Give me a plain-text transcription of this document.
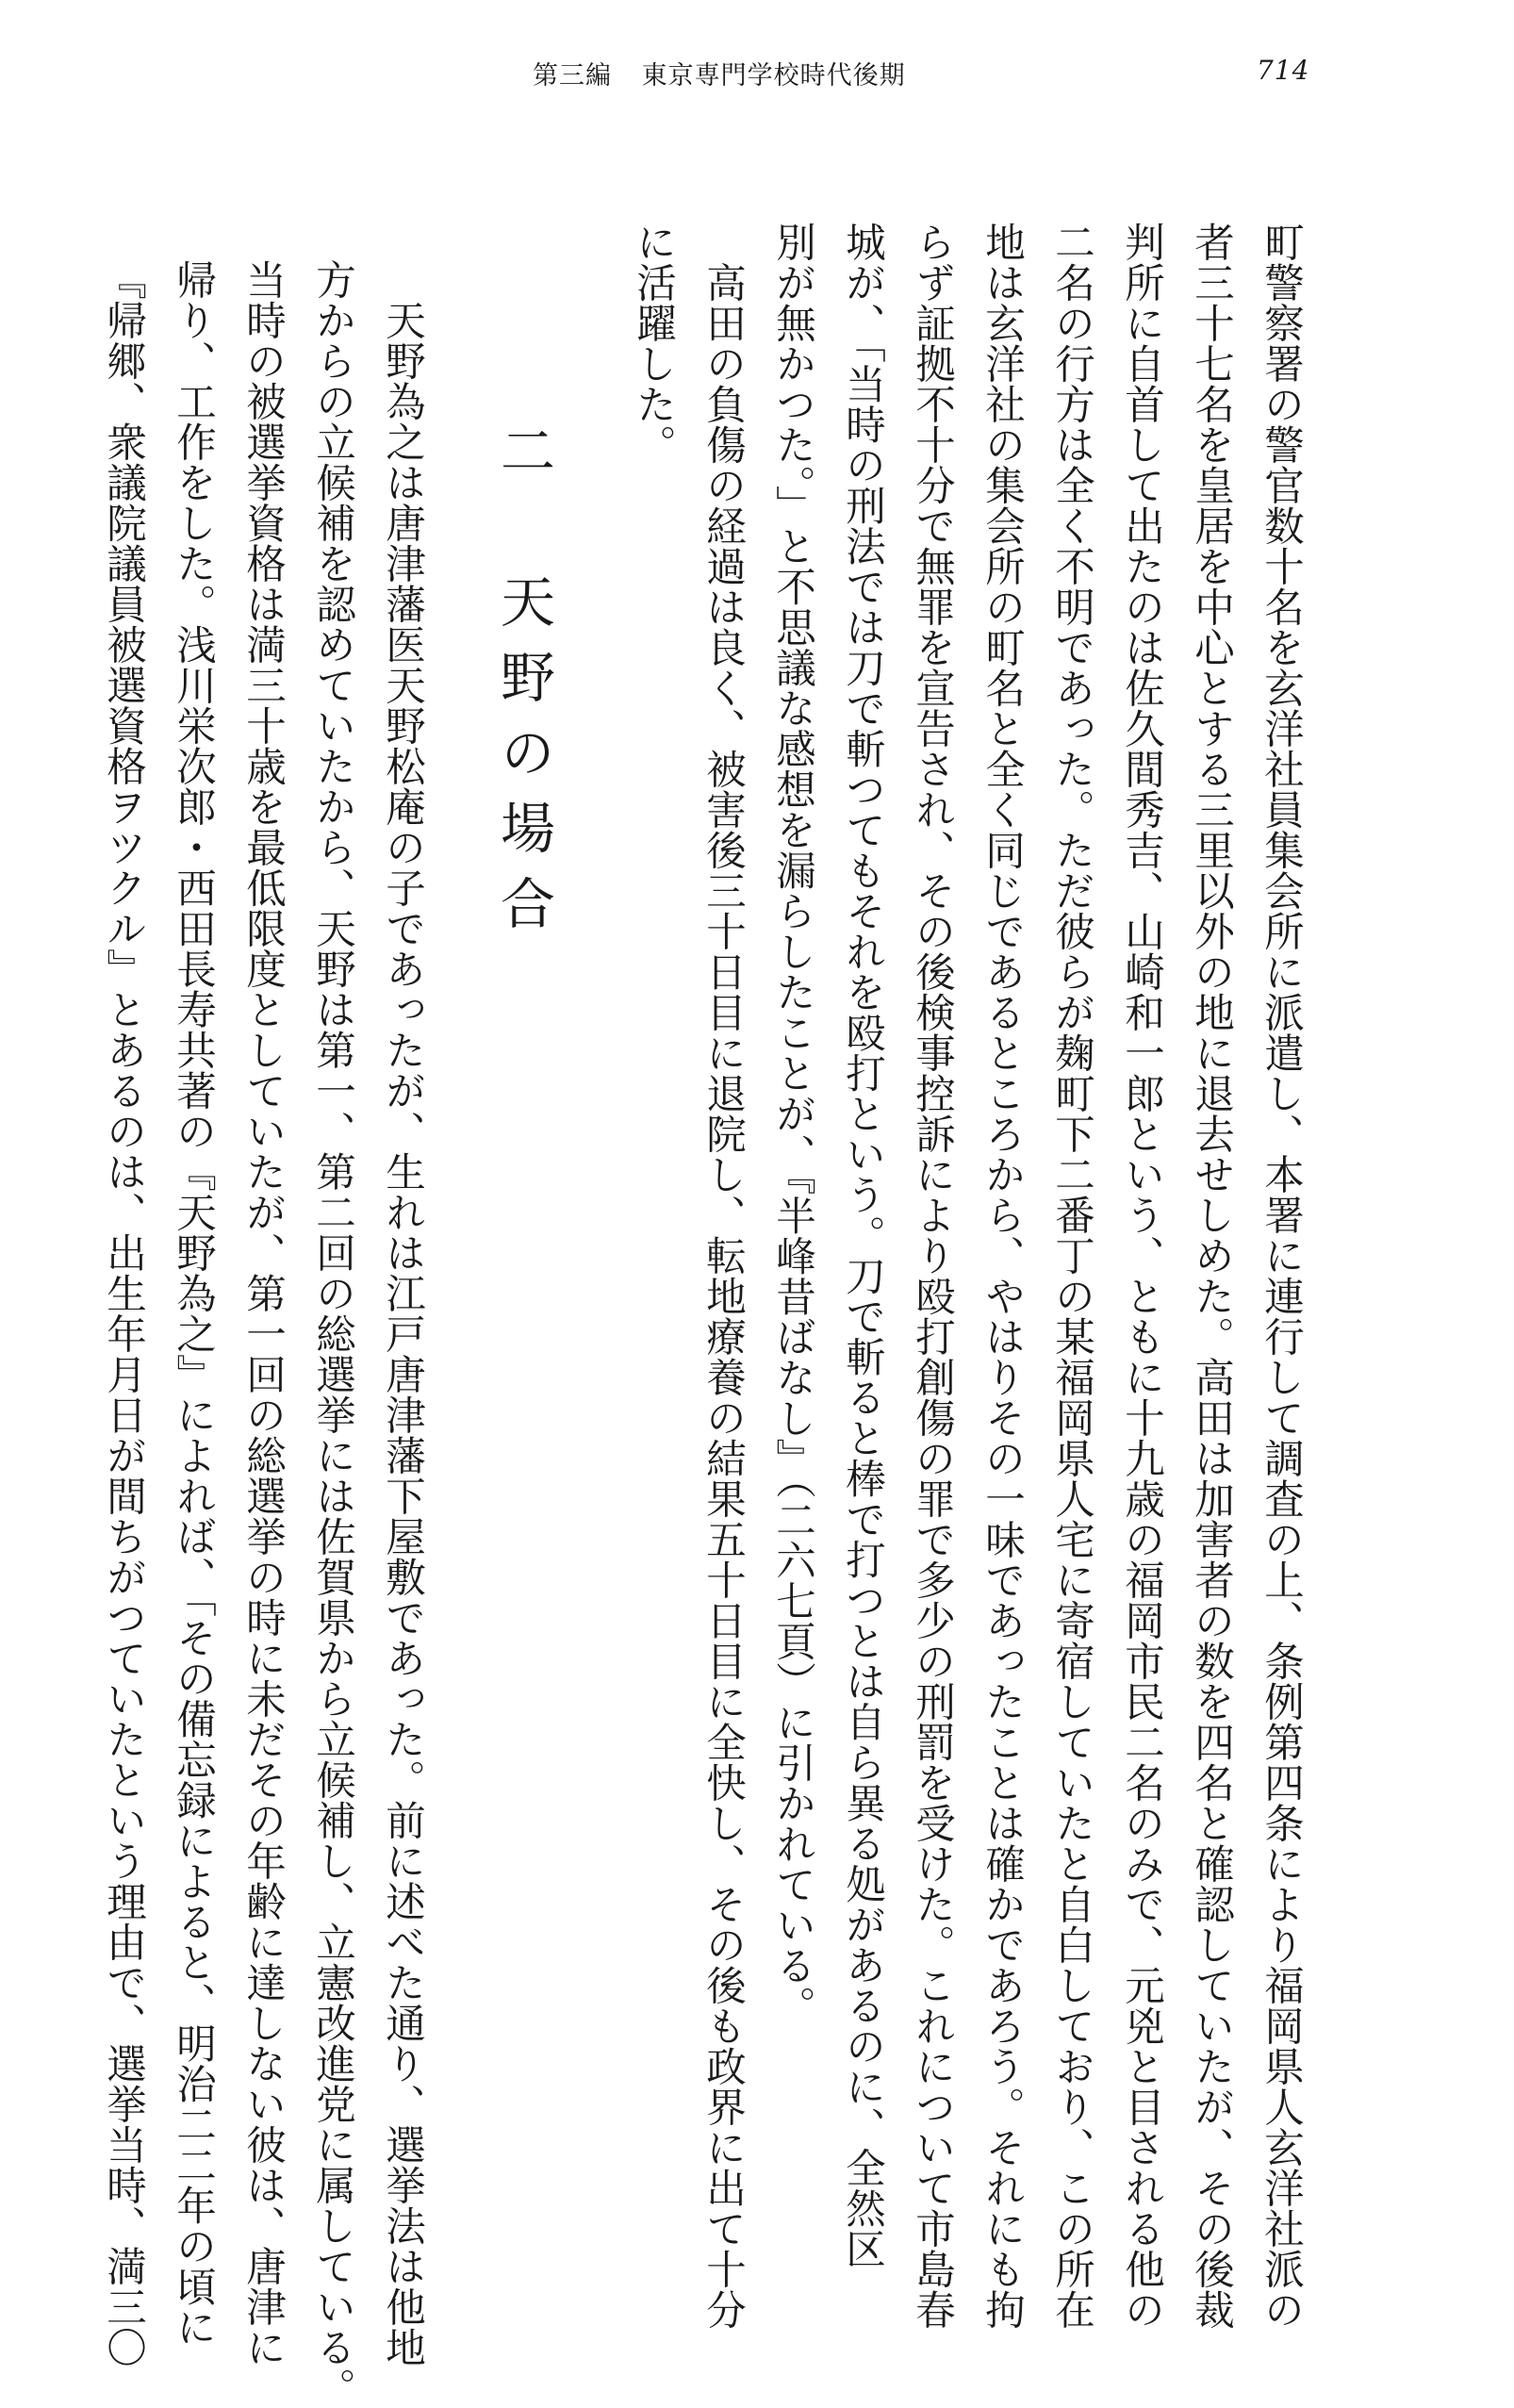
第三編 東京専門学校時代後期	714
町警察署の警官数十名を玄洋社員集会所に派遣し、本署に連行して調査の上、条例第四条により福岡県人玄洋社派の
者三十七名を皇居を中心とする三里以外の地に退去せしめた。高田は加害者の数を四名と確認していたが、その後裁
判所に自首して出たのは佐久間秀吉、山崎和一郎という、ともに十九歳の福岡市民二名のみで、元兇と目される他の
二名の行方は全く不明であった。ただ彼らが麹町下二番丁の某福岡県人宅に寄宿していたと自白しており、この所在
地は玄洋社の集会所の町名と全く同じであるところから、やはりその一味であったことは確かであろう。それにも拘
らず証拠不十分で無罪を宣告され、その後検事控訴により殴打創傷の罪で多少の刑罰を受けた。これについて市島春
城が、「当時の刑法では刀で斬つてもそれを殴打という。刀で斬ると棒で打つとは自ら異る処があるのに、全然区
別が無かつた。」と不思議な感想を漏らしたことが、『半峰昔ばなし』（二六七頁）に引かれている。
　高田の負傷の経過は良く、被害後三十日目に退院し、転地療養の結果五十日目に全快し、その後も政界に出て十分
に活躍した。
二　天野の場合
　天野為之は唐津藩医天野松庵の子であったが、生れは江戸唐津藩下屋敷であった。前に述べた通り、選挙法は他地
方からの立候補を認めていたから、天野は第一、第二回の総選挙には佐賀県から立候補し、立憲改進党に属している。
当時の被選挙資格は満三十歳を最低限度としていたが、第一回の総選挙の時に未だその年齢に達しない彼は、唐津に
帰り、工作をした。浅川栄次郎・西田長寿共著の『天野為之』によれば、「その備忘録によると、明治二二年の頃に
『帰郷、衆議院議員被選資格ヲツクル』とあるのは、出生年月日が間ちがつていたという理由で、選挙当時、満三〇
